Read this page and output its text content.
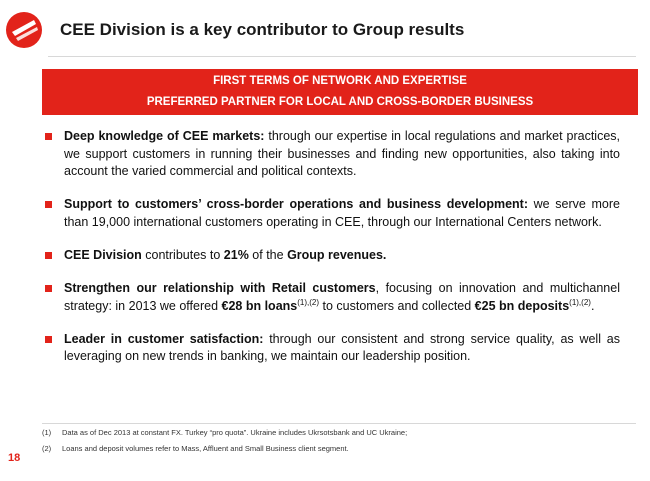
CEE Division is a key contributor to Group results
FIRST TERMS OF NETWORK AND EXPERTISE
PREFERRED PARTNER FOR LOCAL AND CROSS-BORDER BUSINESS
Deep knowledge of CEE markets: through our expertise in local regulations and market practices, we support customers in running their businesses and finding new opportunities, also taking into account the varied commercial and political contexts.
Support to customers’ cross-border operations and business development: we serve more than 19,000 international customers operating in CEE, through our International Centers network.
CEE Division contributes to 21% of the Group revenues.
Strengthen our relationship with Retail customers, focusing on innovation and multichannel strategy: in 2013 we offered €28 bn loans$^{(1),(2)}$ to customers and collected €25 bn deposits$^{(1),(2)}$.
Leader in customer satisfaction: through our consistent and strong service quality, as well as leveraging on new trends in banking, we maintain our leadership position.
(1) Data as of Dec 2013 at constant FX. Turkey “pro quota”. Ukraine includes Ukrsotsbank and UC Ukraine;
(2) Loans and deposit volumes refer to Mass, Affluent and Small Business client segment.
18
